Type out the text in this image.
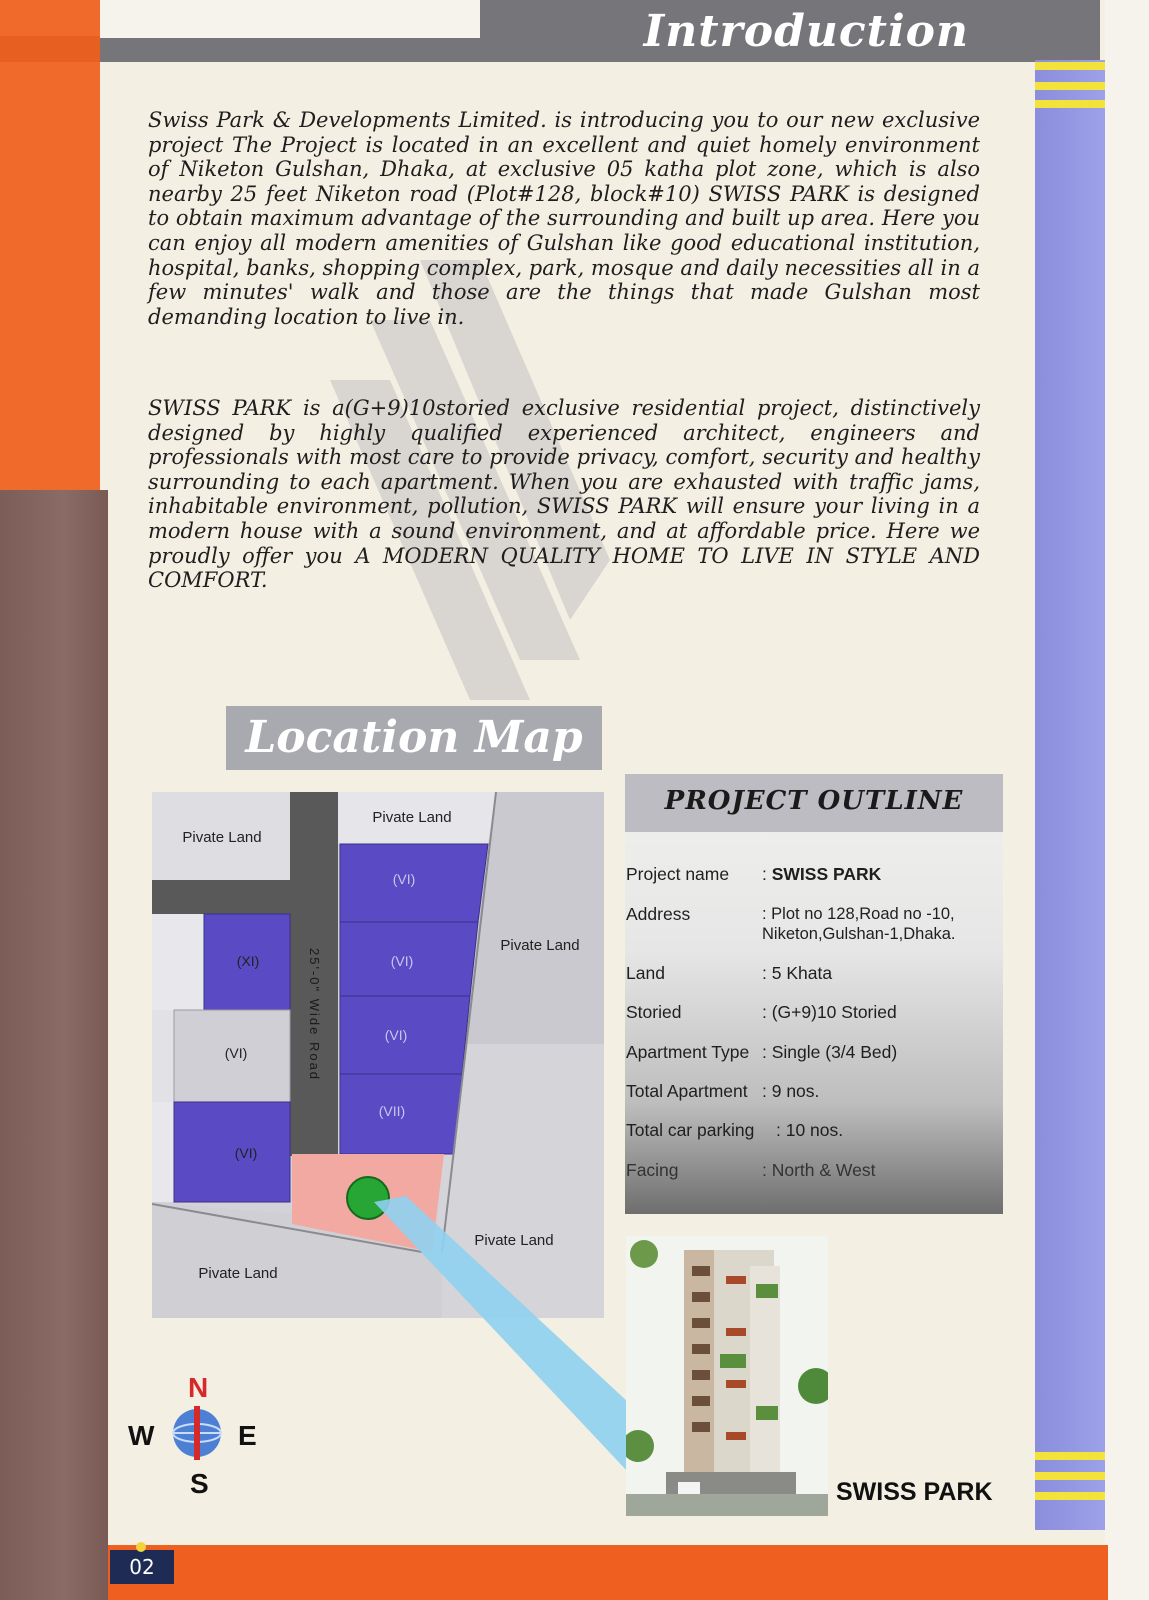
Introduction
02
Swiss Park & Developments Limited. is introducing you to our new exclusive project The Project is located in an excellent and quiet homely environment of Niketon Gulshan, Dhaka, at exclusive 05 katha plot zone, which is also nearby 25 feet Niketon road (Plot#128, block#10) SWISS PARK is designed to obtain maximum advantage of the surrounding and built up area. Here you can enjoy all modern amenities of Gulshan like good educational institution, hospital, banks, shopping complex, park, mosque and daily necessities all in a few minutes' walk and those are the things that made Gulshan most demanding location to live in.
SWISS PARK is a(G+9)10storied exclusive residential project, distinctively designed by highly qualified experienced architect, engineers and professionals with most care to provide privacy, comfort, security and healthy surrounding to each apartment. When you are exhausted with traffic jams, inhabitable environment, pollution, SWISS PARK will ensure your living in a modern house with a sound environment, and at affordable price. Here we proudly offer you A MODERN QUALITY HOME TO LIVE IN STYLE AND COMFORT.
Location Map
Pivate Land
Pivate Land
Pivate Land
Pivate Land
Pivate Land
(VI)
(VI)
(VI)
(VII)
(XI)
(VI)
(VI)
25'-0" Wide Road
PROJECT OUTLINE
Project name : SWISS PARK
Address	: Plot no 128,Road no -10,
Niketon,Gulshan-1,Dhaka.
Land	: 5 Khata
Storied	: (G+9)10 Storied
Apartment Type : Single (3/4 Bed)
Total Apartment : 9 nos.
Total car parking : 10 nos.
Facing	: North & West
SWISS PARK
N
W	E
S
